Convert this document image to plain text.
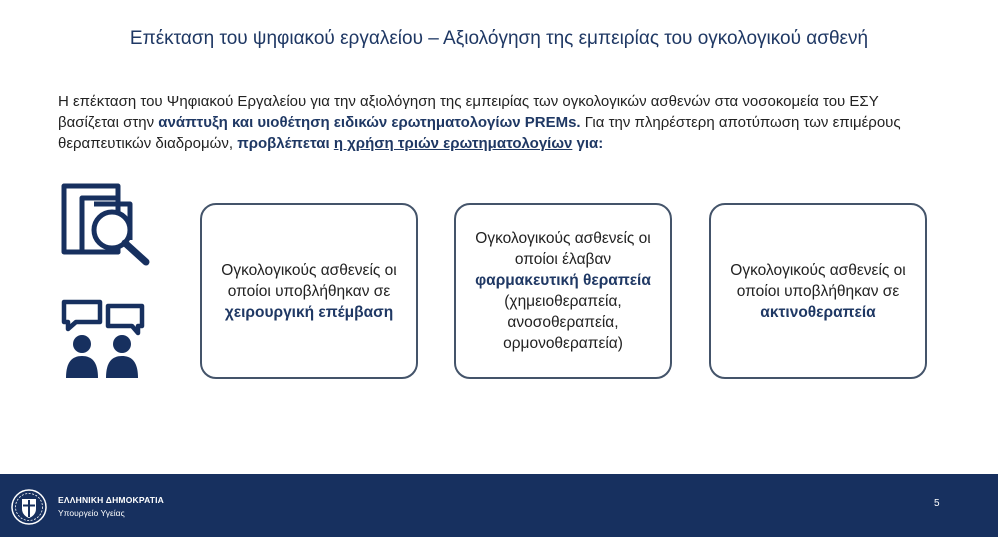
Επέκταση του ψηφιακού εργαλείου – Αξιολόγηση της εμπειρίας του ογκολογικού ασθενή
Η επέκταση του Ψηφιακού Εργαλείου για την αξιολόγηση της εμπειρίας των ογκολογικών ασθενών στα νοσοκομεία του ΕΣΥ βασίζεται στην ανάπτυξη και υιοθέτηση ειδικών ερωτηματολογίων PREMs. Για την πληρέστερη αποτύπωση των επιμέρους θεραπευτικών διαδρομών, προβλέπεται η χρήση τριών ερωτηματολογίων για:
Ογκολογικούς ασθενείς οι οποίοι υποβλήθηκαν σε χειρουργική επέμβαση
Ογκολογικούς ασθενείς οι οποίοι έλαβαν φαρμακευτική θεραπεία (χημειοθεραπεία, ανοσοθεραπεία, ορμονοθεραπεία)
Ογκολογικούς ασθενείς οι οποίοι υποβλήθηκαν σε ακτινοθεραπεία
ΕΛΛΗΝΙΚΗ ΔΗΜΟΚΡΑΤΙΑ
Υπουργείο Υγείας
5
